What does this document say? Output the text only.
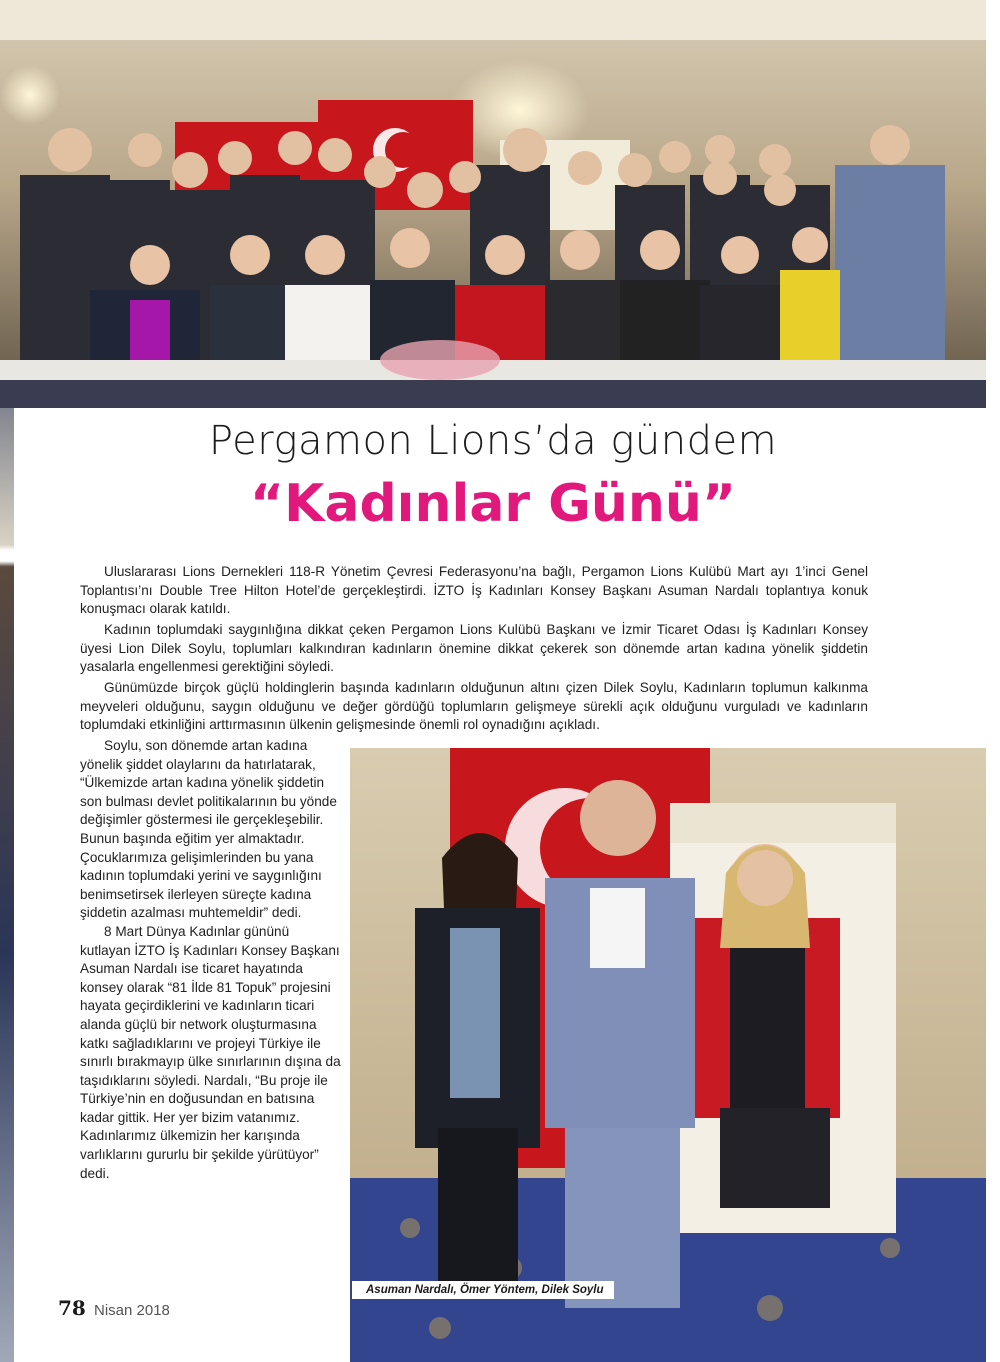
Pergamon Lions’da gündem
“Kadınlar Günü”

Uluslararası Lions Dernekleri 118-R Yönetim Çevresi Federasyonu’na bağlı, Pergamon Lions Kulübü Mart ayı 1’inci Genel Toplantısı’nı Double Tree Hilton Hotel’de gerçekleştirdi. İZTO İş Kadınları Konsey Başkanı Asuman Nardalı toplantıya konuk konuşmacı olarak katıldı.

Kadının toplumdaki saygınlığına dikkat çeken Pergamon Lions Kulübü Başkanı ve İzmir Ticaret Odası İş Kadınları Konsey üyesi Lion Dilek Soylu, toplumları kalkındıran kadınların önemine dikkat çekerek son dönemde artan kadına yönelik şiddetin yasalarla engellenmesi gerektiğini söyledi.

Günümüzde birçok güçlü holdinglerin başında kadınların olduğunun altını çizen Dilek Soylu, Kadınların toplumun kalkınma meyveleri olduğunu, saygın olduğunu ve değer gördüğü toplumların gelişmeye sürekli açık olduğunu vurguladı ve kadınların toplumdaki etkinliğini arttırmasının ülkenin gelişmesinde önemli rol oynadığını açıkladı.

Soylu, son dönemde artan kadına yönelik şiddet olaylarını da hatırlatarak, “Ülkemizde artan kadına yönelik şiddetin son bulması devlet politikalarının bu yönde değişimler göstermesi ile gerçekleşebilir. Bunun başında eğitim yer almaktadır. Çocuklarımıza gelişimlerinden bu yana kadının toplumdaki yerini ve saygınlığını benimsetirsek ilerleyen süreçte kadına şiddetin azalması muhtemeldir” dedi.

8 Mart Dünya Kadınlar gününü kutlayan İZTO İş Kadınları Konsey Başkanı Asuman Nardalı ise ticaret hayatında konsey olarak “81 İlde 81 Topuk” projesini hayata geçirdiklerini ve kadınların ticari alanda güçlü bir network oluşturmasına katkı sağladıklarını ve projeyi Türkiye ile sınırlı bırakmayıp ülke sınırlarının dışına da taşıdıklarını söyledi. Nardalı, “Bu proje ile Türkiye’nin en doğusundan en batısına kadar gittik. Her yer bizim vatanımız. Kadınlarımız ülkemizin her karışında varlıklarını gururlu bir şekilde yürütüyor” dedi.

Asuman Nardalı, Ömer Yöntem, Dilek Soylu
78 Nisan 2018
